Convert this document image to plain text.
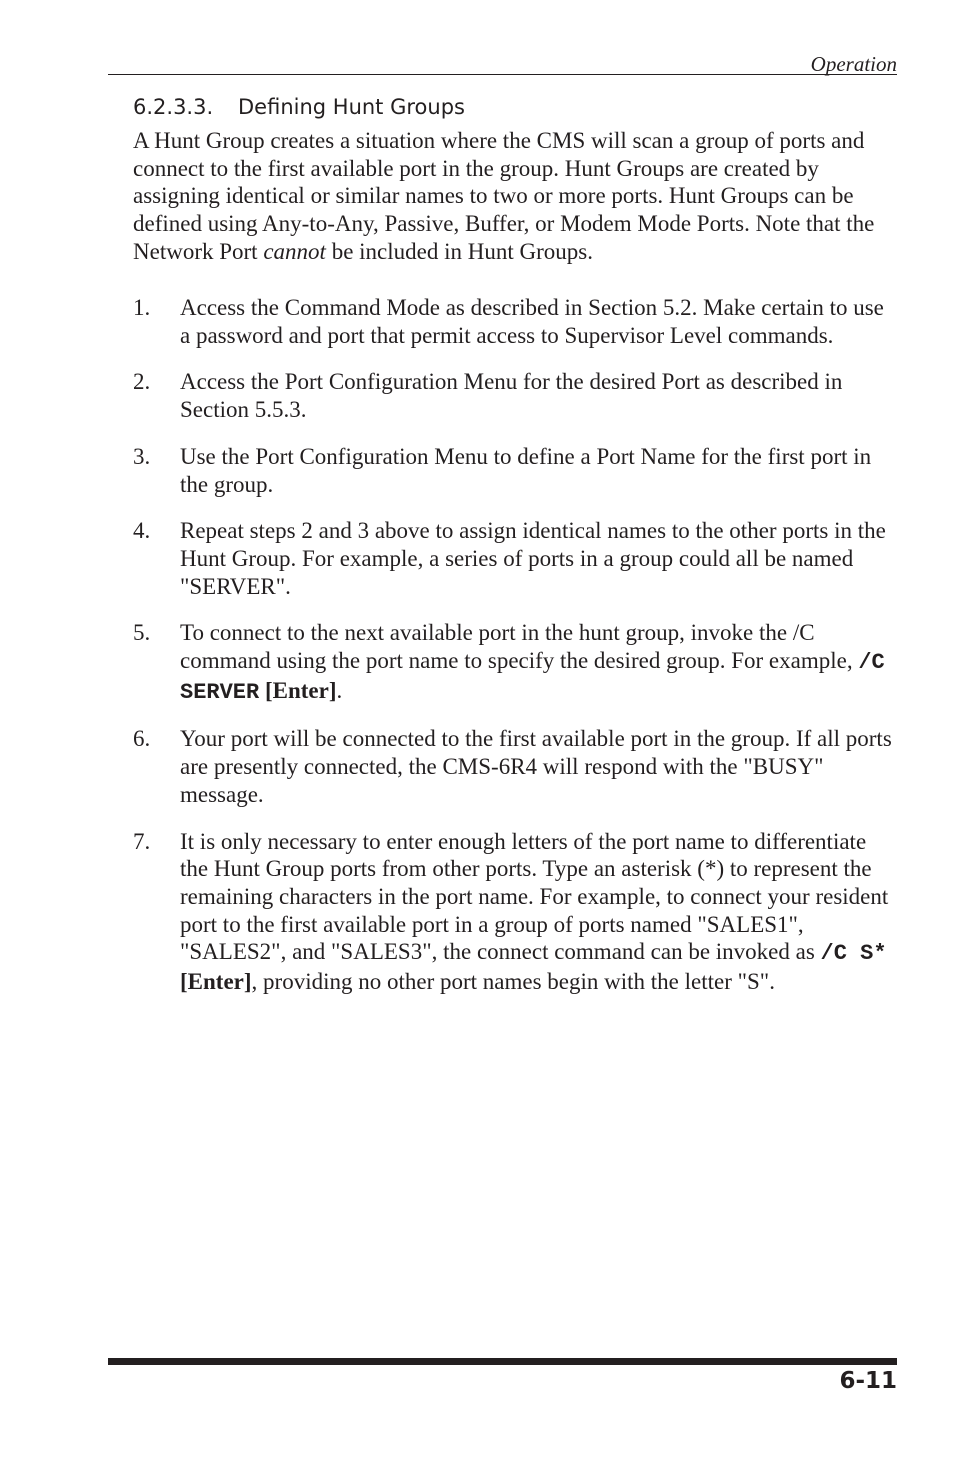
Operation
6.2.3.3. Defining Hunt Groups

A Hunt Group creates a situation where the CMS will scan a group of ports and connect to the first available port in the group. Hunt Groups are created by assigning identical or similar names to two or more ports. Hunt Groups can be defined using Any-to-Any, Passive, Buffer, or Modem Mode Ports. Note that the Network Port cannot be included in Hunt Groups.

1.	Access the Command Mode as described in Section 5.2. Make certain to use a password and port that permit access to Supervisor Level commands.
2.	Access the Port Configuration Menu for the desired Port as described in Section 5.5.3.
3.	Use the Port Configuration Menu to define a Port Name for the first port in the group.
4.	Repeat steps 2 and 3 above to assign identical names to the other ports in the Hunt Group. For example, a series of ports in a group could all be named "SERVER".
5.	To connect to the next available port in the hunt group, invoke the /C command using the port name to specify the desired group. For example, /C SERVER [Enter].
6.	Your port will be connected to the first available port in the group. If all ports are presently connected, the CMS-6R4 will respond with the "BUSY" message.
7.	It is only necessary to enter enough letters of the port name to differentiate the Hunt Group ports from other ports. Type an asterisk (*) to represent the remaining characters in the port name. For example, to connect your resident port to the first available port in a group of ports named "SALES1", "SALES2", and "SALES3", the connect command can be invoked as /C S* [Enter], providing no other port names begin with the letter "S".
6-11
